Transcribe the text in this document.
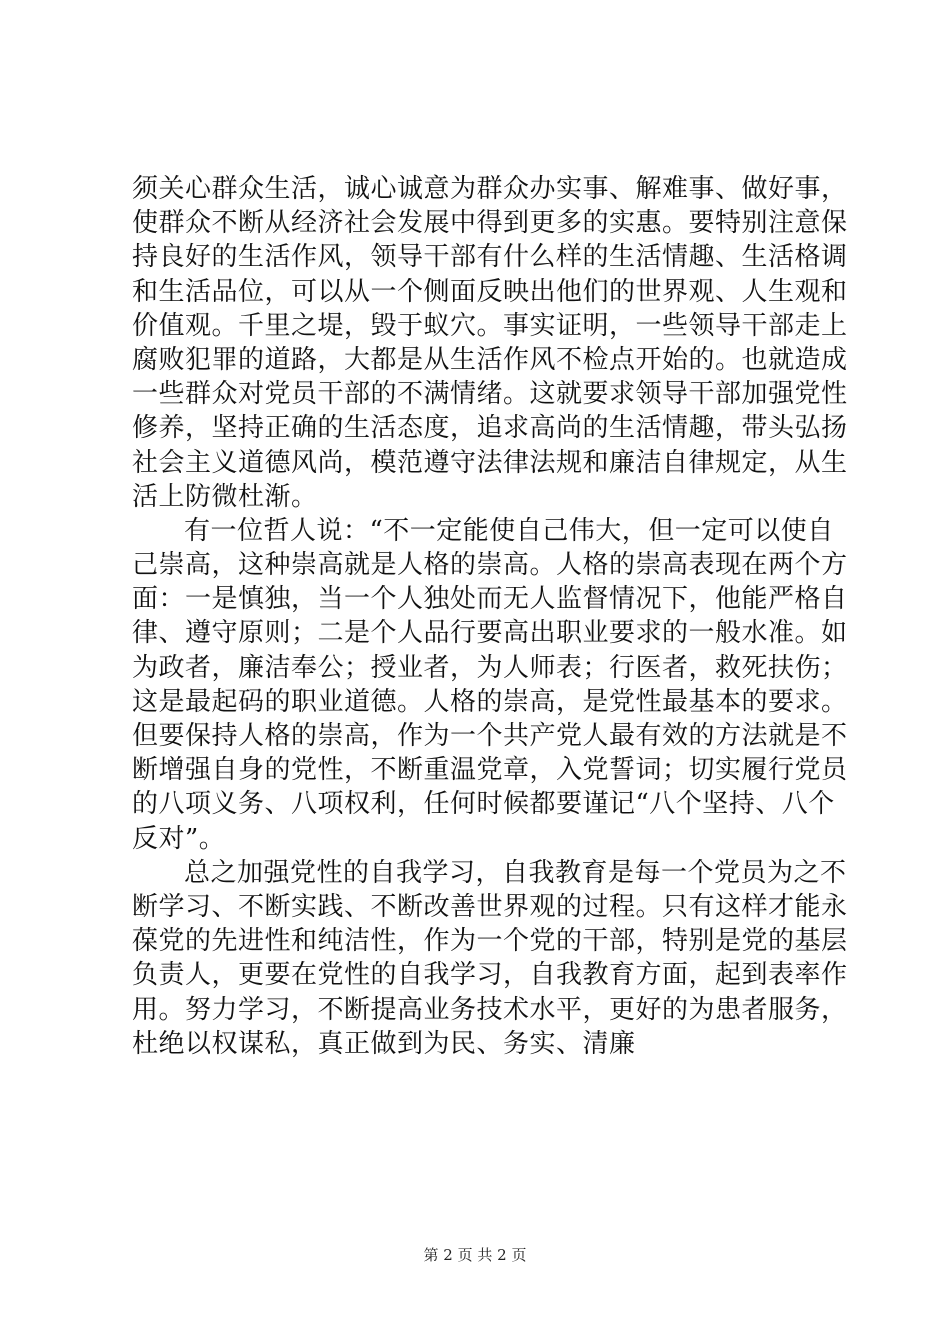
须关心群众生活，诚心诚意为群众办实事、解难事、做好事，
使群众不断从经济社会发展中得到更多的实惠。要特别注意保
持良好的生活作风，领导干部有什么样的生活情趣、生活格调
和生活品位，可以从一个侧面反映出他们的世界观、人生观和
价值观。千里之堤，毁于蚁穴。事实证明，一些领导干部走上
腐败犯罪的道路，大都是从生活作风不检点开始的。也就造成
一些群众对党员干部的不满情绪。这就要求领导干部加强党性
修养，坚持正确的生活态度，追求高尚的生活情趣，带头弘扬
社会主义道德风尚，模范遵守法律法规和廉洁自律规定，从生
活上防微杜渐。
有一位哲人说：“不一定能使自己伟大，但一定可以使自
己崇高，这种崇高就是人格的崇高。人格的崇高表现在两个方
面：一是慎独，当一个人独处而无人监督情况下，他能严格自
律、遵守原则；二是个人品行要高出职业要求的一般水准。如
为政者，廉洁奉公；授业者，为人师表；行医者，救死扶伤；
这是最起码的职业道德。人格的崇高，是党性最基本的要求。
但要保持人格的崇高，作为一个共产党人最有效的方法就是不
断增强自身的党性，不断重温党章，入党誓词；切实履行党员
的八项义务、八项权利，任何时候都要谨记“八个坚持、八个
反对”。
总之加强党性的自我学习，自我教育是每一个党员为之不
断学习、不断实践、不断改善世界观的过程。只有这样才能永
葆党的先进性和纯洁性，作为一个党的干部，特别是党的基层
负责人，更要在党性的自我学习，自我教育方面，起到表率作
用。努力学习，不断提高业务技术水平，更好的为患者服务，
杜绝以权谋私，真正做到为民、务实、清廉
第 2 页 共 2 页
